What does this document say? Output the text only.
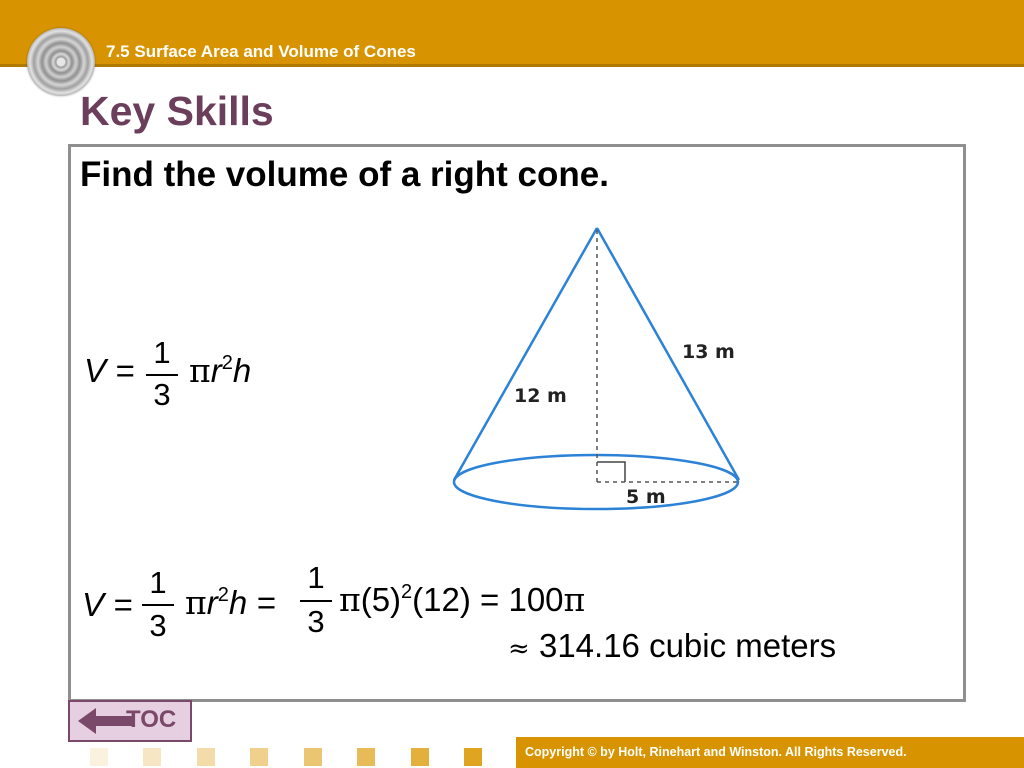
7.5 Surface Area and Volume of Cones
Key Skills
Find the volume of a right cone.
V = 1
3
$\pi r^2h$
12 m
13 m
5 m
V =
1
3
$\pi r^2h$ =
1
3
$\pi(5)^2(12) = 100\pi$
≈ 314.16 cubic meters
TOC
Copyright © by Holt, Rinehart and Winston. All Rights Reserved.
